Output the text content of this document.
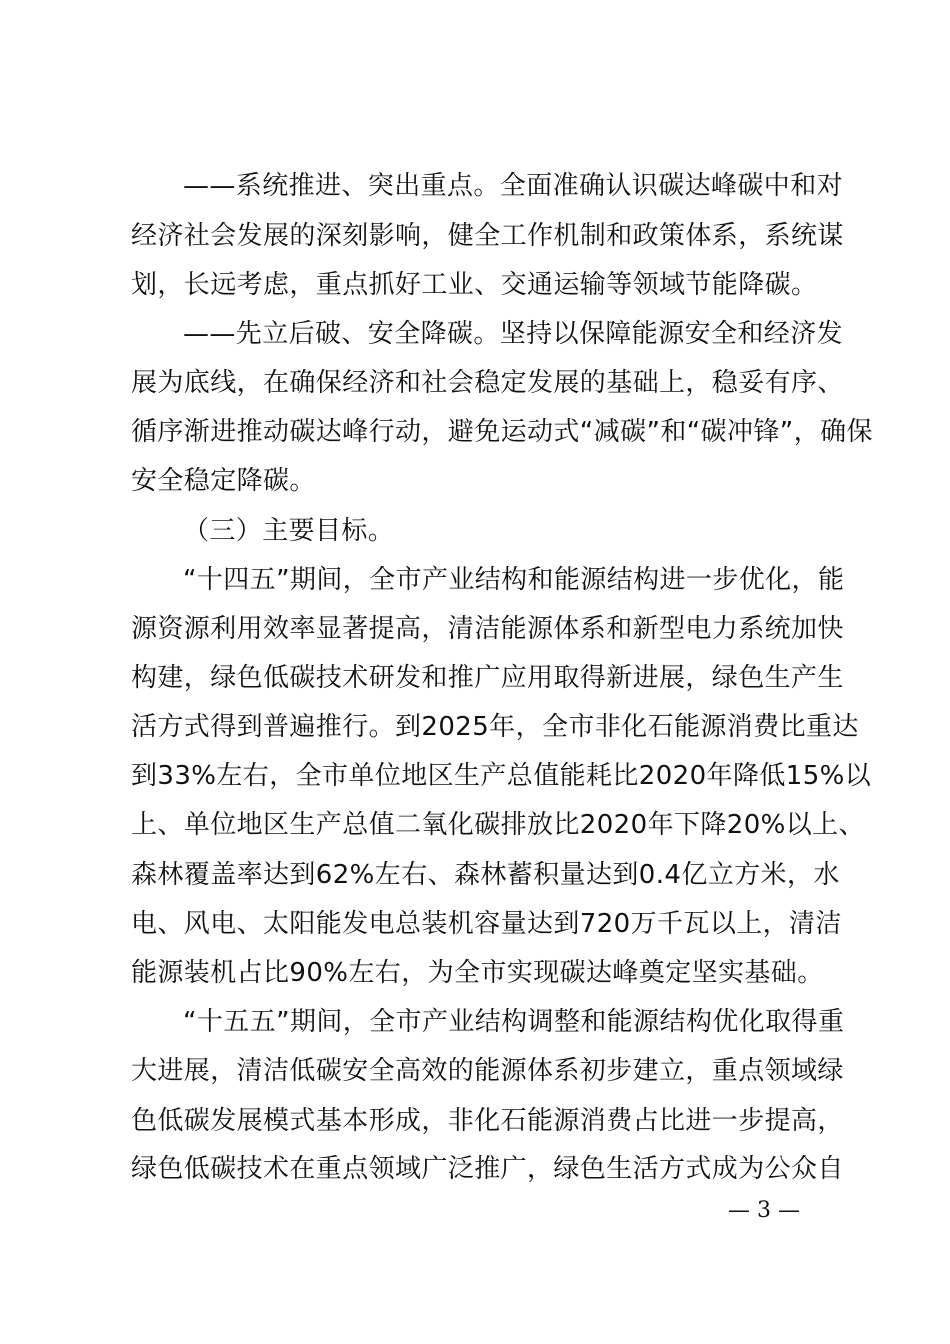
——系统推进、突出重点。全面准确认识碳达峰碳中和对
经济社会发展的深刻影响，健全工作机制和政策体系，系统谋
划，长远考虑，重点抓好工业、交通运输等领域节能降碳。
——先立后破、安全降碳。坚持以保障能源安全和经济发
展为底线，在确保经济和社会稳定发展的基础上，稳妥有序、
循序渐进推动碳达峰行动，避免运动式“减碳”和“碳冲锋”，确保
安全稳定降碳。
（三）主要目标。
“十四五”期间，全市产业结构和能源结构进一步优化，能
源资源利用效率显著提高，清洁能源体系和新型电力系统加快
构建，绿色低碳技术研发和推广应用取得新进展，绿色生产生
活方式得到普遍推行。到2025年，全市非化石能源消费比重达
到33%左右，全市单位地区生产总值能耗比2020年降低15%以
上、单位地区生产总值二氧化碳排放比2020年下降20%以上、
森林覆盖率达到62%左右、森林蓄积量达到0.4亿立方米，水
电、风电、太阳能发电总装机容量达到720万千瓦以上，清洁
能源装机占比90%左右，为全市实现碳达峰奠定坚实基础。
“十五五”期间，全市产业结构调整和能源结构优化取得重
大进展，清洁低碳安全高效的能源体系初步建立，重点领域绿
色低碳发展模式基本形成，非化石能源消费占比进一步提高，
绿色低碳技术在重点领域广泛推广，绿色生活方式成为公众自
— 3 —
